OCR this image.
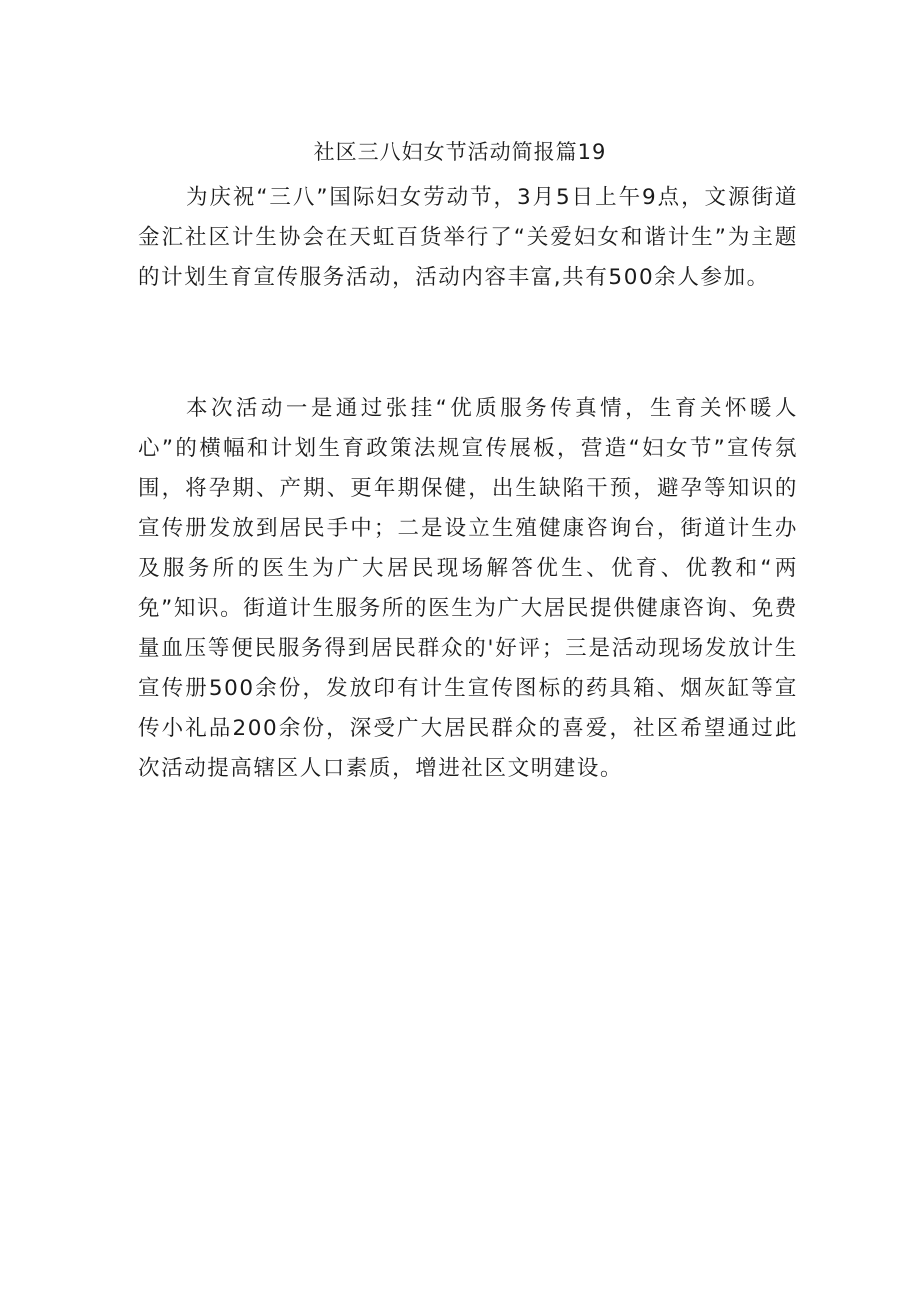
社区三八妇女节活动简报篇19

为庆祝“三八”国际妇女劳动节，3月5日上午9点，文源街道金汇社区计生协会在天虹百货举行了“关爱妇女和谐计生”为主题的计划生育宣传服务活动，活动内容丰富,共有500余人参加。

本次活动一是通过张挂“优质服务传真情，生育关怀暖人心”的横幅和计划生育政策法规宣传展板，营造“妇女节”宣传氛围，将孕期、产期、更年期保健，出生缺陷干预，避孕等知识的宣传册发放到居民手中；二是设立生殖健康咨询台，街道计生办及服务所的医生为广大居民现场解答优生、优育、优教和“两免”知识。街道计生服务所的医生为广大居民提供健康咨询、免费量血压等便民服务得到居民群众的'好评；三是活动现场发放计生宣传册500余份，发放印有计生宣传图标的药具箱、烟灰缸等宣传小礼品200余份，深受广大居民群众的喜爱，社区希望通过此次活动提高辖区人口素质，增进社区文明建设。
